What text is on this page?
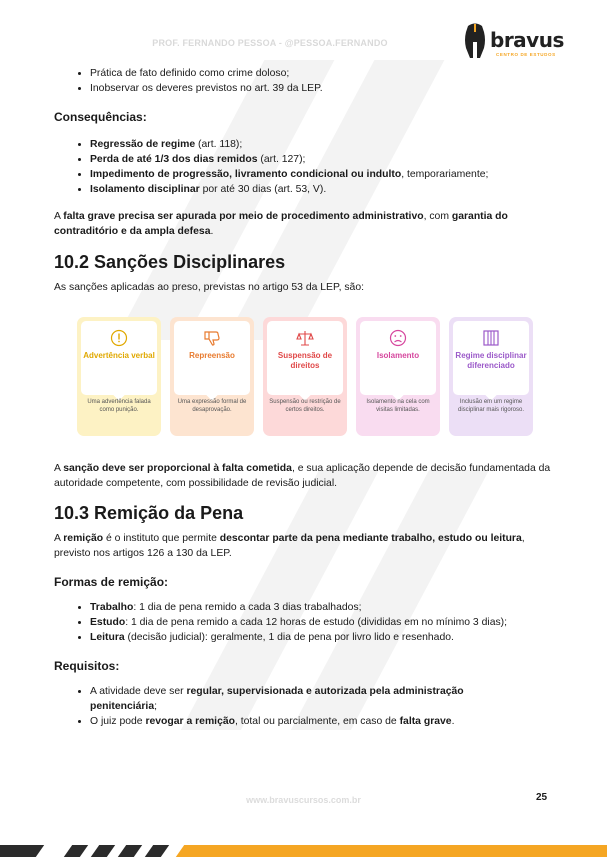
PROF. FERNANDO PESSOA - @PESSOA.FERNANDO	bravus
CENTRO DE ESTUDOS
• Prática de fato definido como crime doloso;
• Inobservar os deveres previstos no art. 39 da LEP.
Consequências:
• Regressão de regime (art. 118);
• Perda de até 1/3 dos dias remidos (art. 127);
• Impedimento de progressão, livramento condicional ou indulto, temporariamente;
• Isolamento disciplinar por até 30 dias (art. 53, V).

A falta grave precisa ser apurada por meio de procedimento administrativo, com garantia do contraditório e da ampla defesa.

10.2 Sanções Disciplinares

As sanções aplicadas ao preso, previstas no artigo 53 da LEP, são:

Advertência verbal
Uma advertência falada como punição.
Repreensão
Uma expressão formal de desaprovação.
Suspensão de direitos
Suspensão ou restrição de certos direitos.
Isolamento
Isolamento na cela com visitas limitadas.
Regime disciplinar diferenciado
Inclusão em um regime disciplinar mais rigoroso.

A sanção deve ser proporcional à falta cometida, e sua aplicação depende de decisão fundamentada da autoridade competente, com possibilidade de revisão judicial.

10.3 Remição da Pena

A remição é o instituto que permite descontar parte da pena mediante trabalho, estudo ou leitura, previsto nos artigos 126 a 130 da LEP.

Formas de remição:
• Trabalho: 1 dia de pena remido a cada 3 dias trabalhados;
• Estudo: 1 dia de pena remido a cada 12 horas de estudo (divididas em no mínimo 3 dias);
• Leitura (decisão judicial): geralmente, 1 dia de pena por livro lido e resenhado.
Requisitos:
• A atividade deve ser regular, supervisionada e autorizada pela administração penitenciária;
• O juiz pode revogar a remição, total ou parcialmente, em caso de falta grave.
www.bravuscursos.com.br	25
